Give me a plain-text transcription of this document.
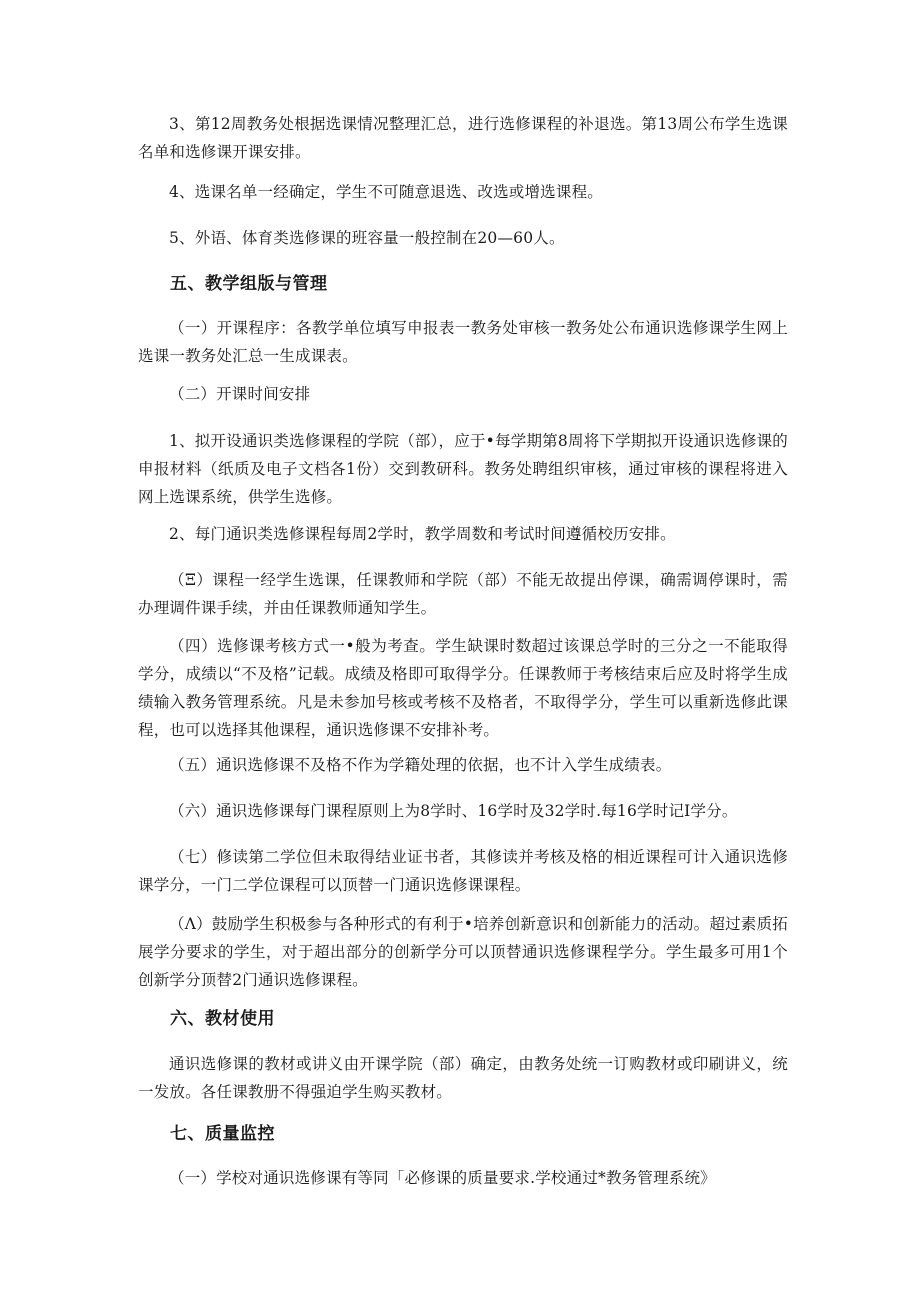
3、第12周教务处根据选课情况整理汇总，进行选修课程的补退选。第13周公布学生选课名单和选修课开课安排。

4、选课名单一经确定，学生不可随意退选、改选或增选课程。

5、外语、体育类选修课的班容量一般控制在20—60人。

五、教学组版与管理

（一）开课程序：各教学单位填写申报表一教务处审核一教务处公布通识选修课学生网上选课一教务处汇总一生成课表。

（二）开课时间安排

1、拟开设通识类选修课程的学院（部），应于•每学期第8周将下学期拟开设通识选修课的申报材料（纸质及电子文档各1份）交到教研科。教务处聘组织审核，通过审核的课程将进入网上选课系统，供学生选修。

2、每门通识类选修课程每周2学时，教学周数和考试时间遵循校历安排。

（Ξ）课程一经学生选课，任课教师和学院（部）不能无故提出停课，确需调停课时，需办理调件课手续，并由任课教师通知学生。

（四）选修课考核方式一•般为考查。学生缺课时数超过该课总学时的三分之一不能取得学分，成绩以“不及格”记载。成绩及格即可取得学分。任课教师于考核结束后应及时将学生成绩输入教务管理系统。凡是未参加号核或考核不及格者，不取得学分，学生可以重新选修此课程，也可以选择其他课程，通识选修课不安排补考。

（五）通识选修课不及格不作为学籍处理的依据，也不计入学生成绩表。

（六）通识选修课每门课程原则上为8学时、16学时及32学时.每16学时记I学分。

（七）修读第二学位但未取得结业证书者，其修读并考核及格的相近课程可计入通识选修课学分，一门二学位课程可以顶替一门通识选修课课程。

（Λ）鼓励学生积极参与各种形式的有利于•培养创新意识和创新能力的活动。超过素质拓展学分要求的学生，对于超出部分的创新学分可以顶替通识选修课程学分。学生最多可用1个创新学分顶替2门通识选修课程。

六、教材使用

通识选修课的教材或讲义由开课学院（部）确定，由教务处统一订购教材或印刷讲义，统一发放。各任课教册不得强迫学生购买教材。

七、质量监控

（一）学校对通识选修课有等同「必修课的质量要求.学校通过*教务管理系统》
